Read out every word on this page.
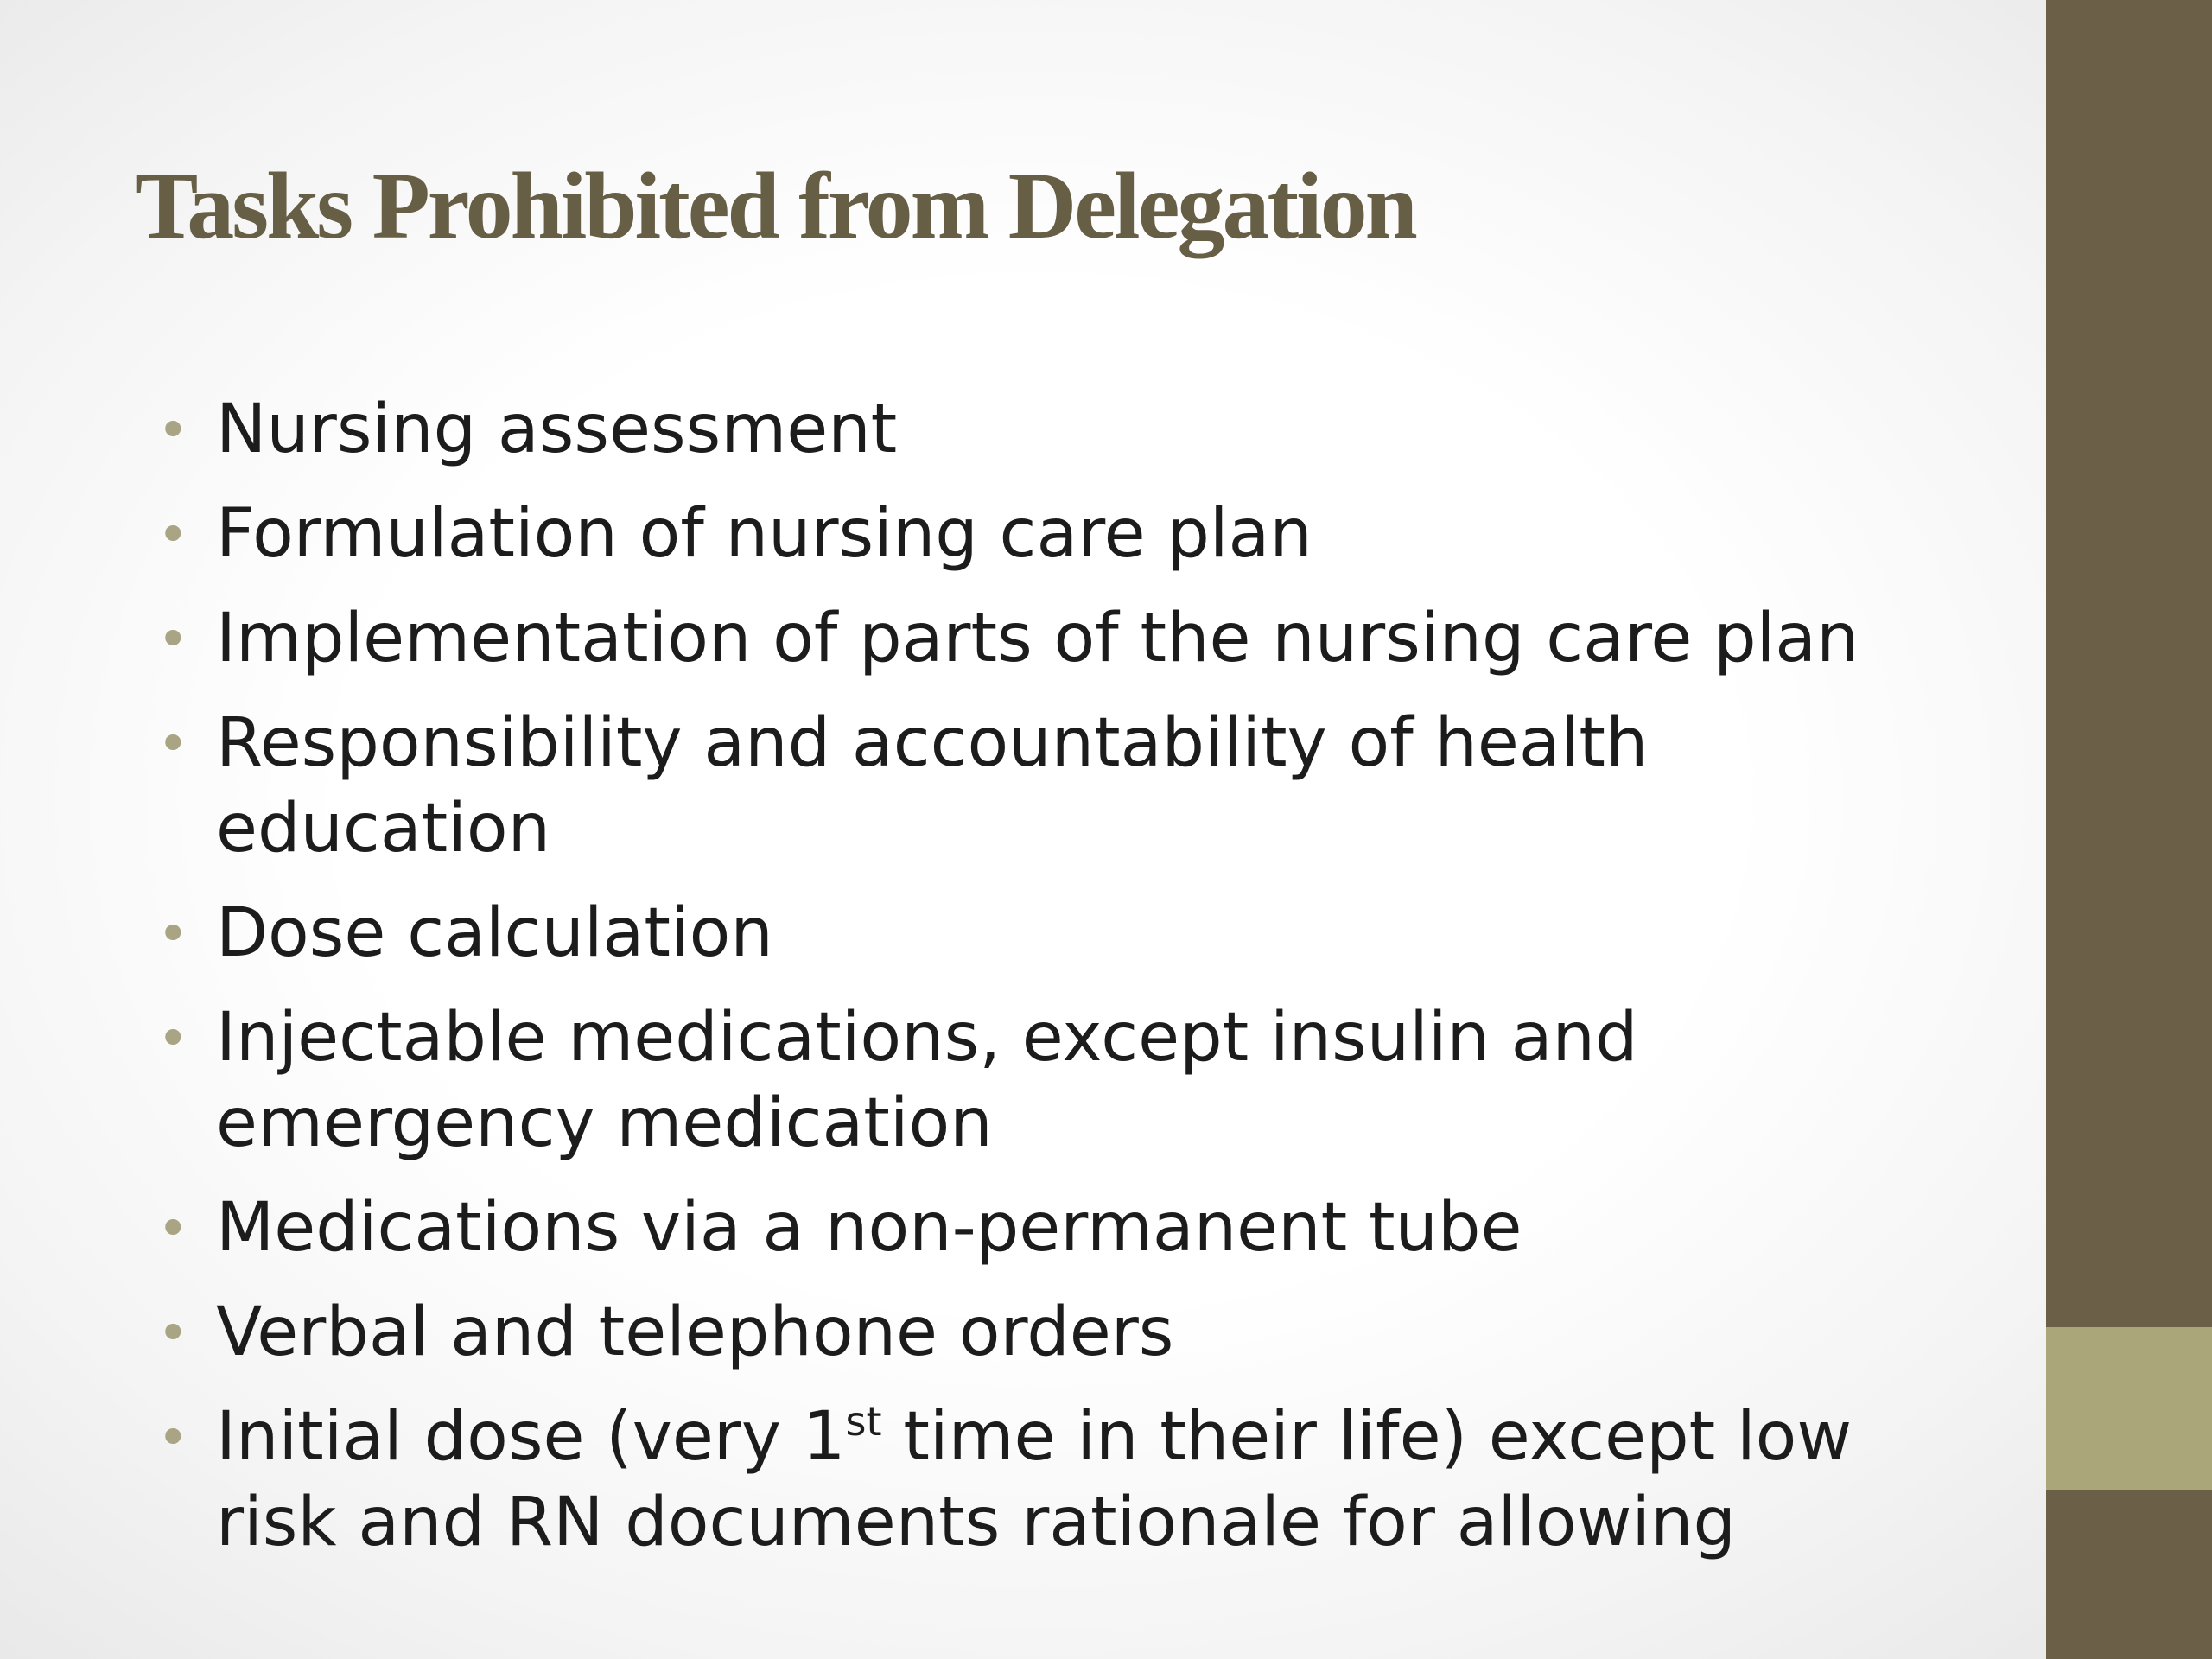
Tasks Prohibited from Delegation
• Nursing assessment
• Formulation of nursing care plan
• Implementation of parts of the nursing care plan
• Responsibility and accountability of health education
• Dose calculation
• Injectable medications, except insulin and emergency medication
• Medications via a non-permanent tube
• Verbal and telephone orders
• Initial dose (very 1st time in their life) except low risk and RN documents rationale for allowing
